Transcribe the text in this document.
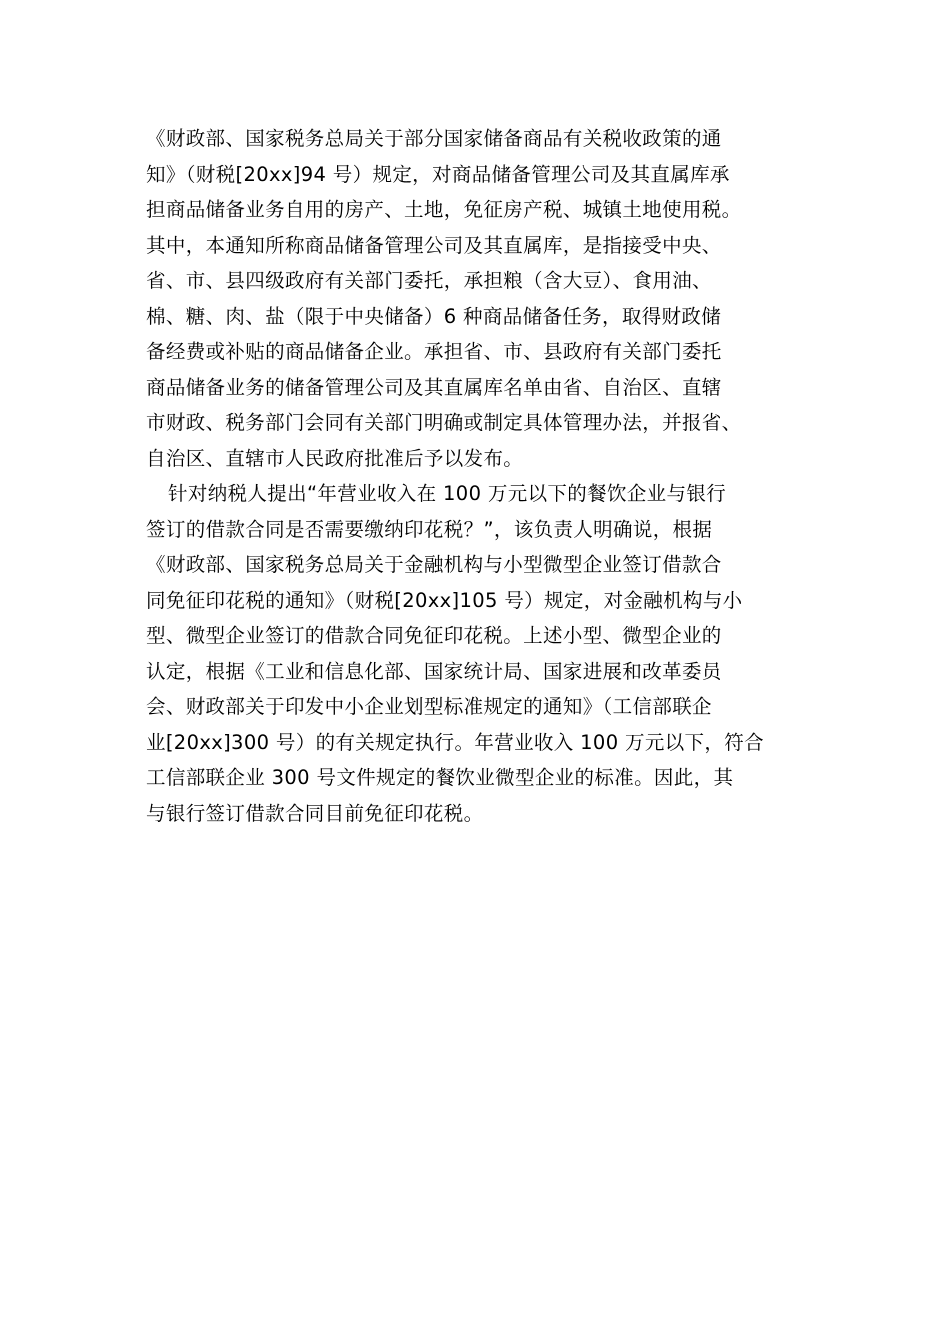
《财政部、国家税务总局关于部分国家储备商品有关税收政策的通
知》（财税[20xx]94 号）规定，对商品储备管理公司及其直属库承
担商品储备业务自用的房产、土地，免征房产税、城镇土地使用税。
其中，本通知所称商品储备管理公司及其直属库，是指接受中央、
省、市、县四级政府有关部门委托，承担粮（含大豆）、食用油、
棉、糖、肉、盐（限于中央储备）6 种商品储备任务，取得财政储
备经费或补贴的商品储备企业。承担省、市、县政府有关部门委托
商品储备业务的储备管理公司及其直属库名单由省、自治区、直辖
市财政、税务部门会同有关部门明确或制定具体管理办法，并报省、
自治区、直辖市人民政府批准后予以发布。
针对纳税人提出“年营业收入在 100 万元以下的餐饮企业与银行
签订的借款合同是否需要缴纳印花税？”，该负责人明确说，根据
《财政部、国家税务总局关于金融机构与小型微型企业签订借款合
同免征印花税的通知》（财税[20xx]105 号）规定，对金融机构与小
型、微型企业签订的借款合同免征印花税。上述小型、微型企业的
认定，根据《工业和信息化部、国家统计局、国家进展和改革委员
会、财政部关于印发中小企业划型标准规定的通知》（工信部联企
业[20xx]300 号）的有关规定执行。年营业收入 100 万元以下，符合
工信部联企业 300 号文件规定的餐饮业微型企业的标准。因此，其
与银行签订借款合同目前免征印花税。
